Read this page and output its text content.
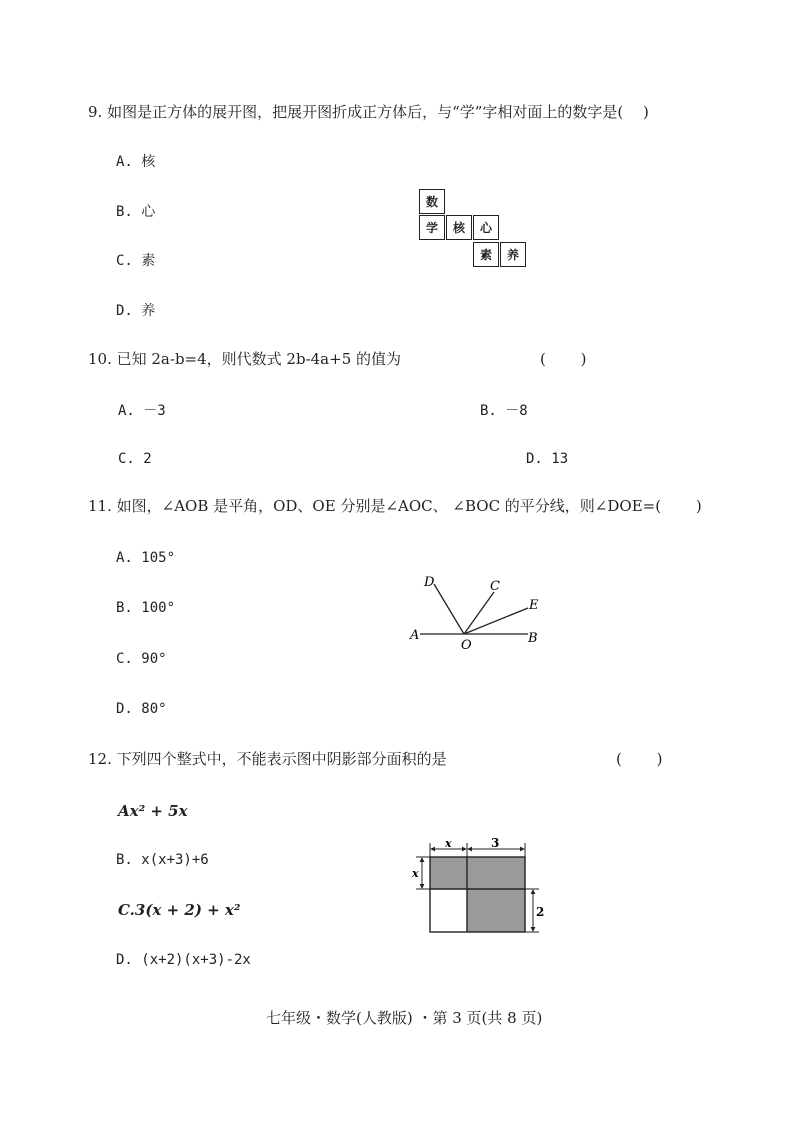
9. 如图是正方体的展开图，把展开图折成正方体后，与“学”字相对面上的数字是(　 )
A. 核
B. 心
C. 素
D. 养
数
学	核	心
素	养
10. 已知 2a-b=4，则代数式 2b-4a+5 的值为	(　　 )
A. －3	B. －8
C. 2	D. 13
11. 如图，∠AOB 是平角，OD、OE 分别是∠AOC、 ∠BOC 的平分线，则∠DOE=(　　 )
A. 105°
B. 100°
C. 90°
D. 80°
A	B
C
D
E
O
12. 下列四个整式中，不能表示图中阴影部分面积的是	(　　 )
Ax² + 5x
B. x(x+3)+6
C.3(x + 2) + x²
D. (x+2)(x+3)-2x
x	3
x
2
七年级・数学(人教版) ・第 3 页(共 8 页)
